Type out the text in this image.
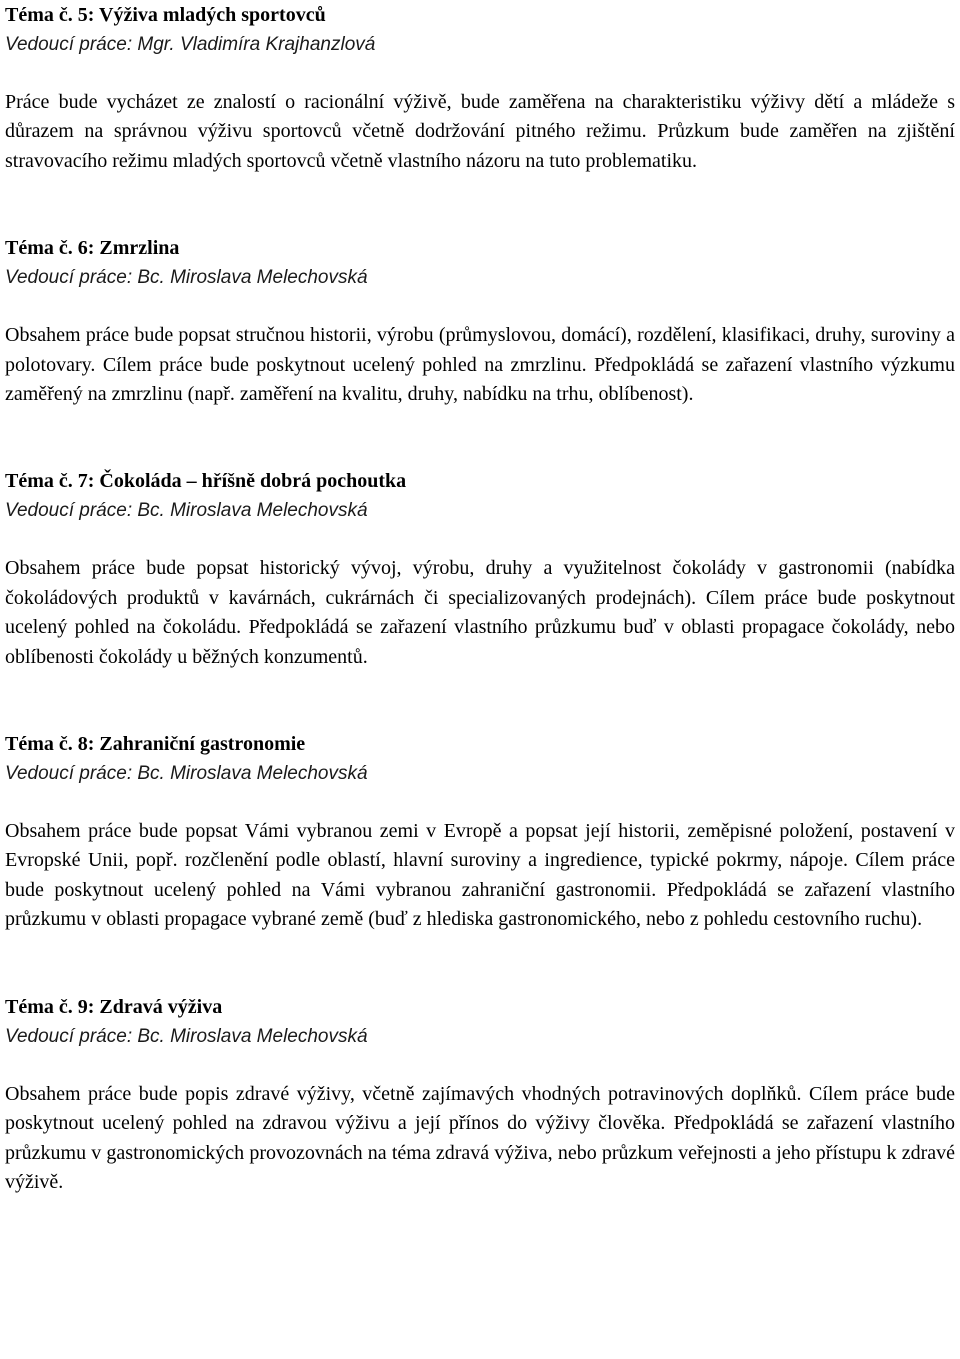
Téma č. 5: Výživa mladých sportovců
Vedoucí práce: Mgr. Vladimíra Krajhanzlová
Práce bude vycházet ze znalostí o racionální výživě, bude zaměřena na charakteristiku výživy dětí a mládeže s důrazem na správnou výživu sportovců včetně dodržování pitného režimu. Průzkum bude zaměřen na zjištění stravovacího režimu mladých sportovců včetně vlastního názoru na tuto problematiku.
Téma č. 6: Zmrzlina
Vedoucí práce: Bc. Miroslava Melechovská
Obsahem práce bude popsat stručnou historii, výrobu (průmyslovou, domácí), rozdělení, klasifikaci, druhy, suroviny a polotovary. Cílem práce bude poskytnout ucelený pohled na zmrzlinu. Předpokládá se zařazení vlastního výzkumu zaměřený na zmrzlinu (např. zaměření na kvalitu, druhy, nabídku na trhu, oblíbenost).
Téma č. 7: Čokoláda – hříšně dobrá pochoutka
Vedoucí práce: Bc. Miroslava Melechovská
Obsahem práce bude popsat historický vývoj, výrobu, druhy a využitelnost čokolády v gastronomii (nabídka čokoládových produktů v kavárnách, cukrárnách či specializovaných prodejnách). Cílem práce bude poskytnout ucelený pohled na čokoládu. Předpokládá se zařazení vlastního průzkumu buď v oblasti propagace čokolády, nebo oblíbenosti čokolády u běžných konzumentů.
Téma č. 8: Zahraniční gastronomie
Vedoucí práce: Bc. Miroslava Melechovská
Obsahem práce bude popsat Vámi vybranou zemi v Evropě a popsat její historii, zeměpisné položení, postavení v Evropské Unii, popř. rozčlenění podle oblastí, hlavní suroviny a ingredience, typické pokrmy, nápoje. Cílem práce bude poskytnout ucelený pohled na Vámi vybranou zahraniční gastronomii. Předpokládá se zařazení vlastního průzkumu v oblasti propagace vybrané země (buď z hlediska gastronomického, nebo z pohledu cestovního ruchu).
Téma č. 9: Zdravá výživa
Vedoucí práce: Bc. Miroslava Melechovská
Obsahem práce bude popis zdravé výživy, včetně zajímavých vhodných potravinových doplňků. Cílem práce bude poskytnout ucelený pohled na zdravou výživu a její přínos do výživy člověka. Předpokládá se zařazení vlastního průzkumu v gastronomických provozovnách na téma zdravá výživa, nebo průzkum veřejnosti a jeho přístupu k zdravé výživě.
